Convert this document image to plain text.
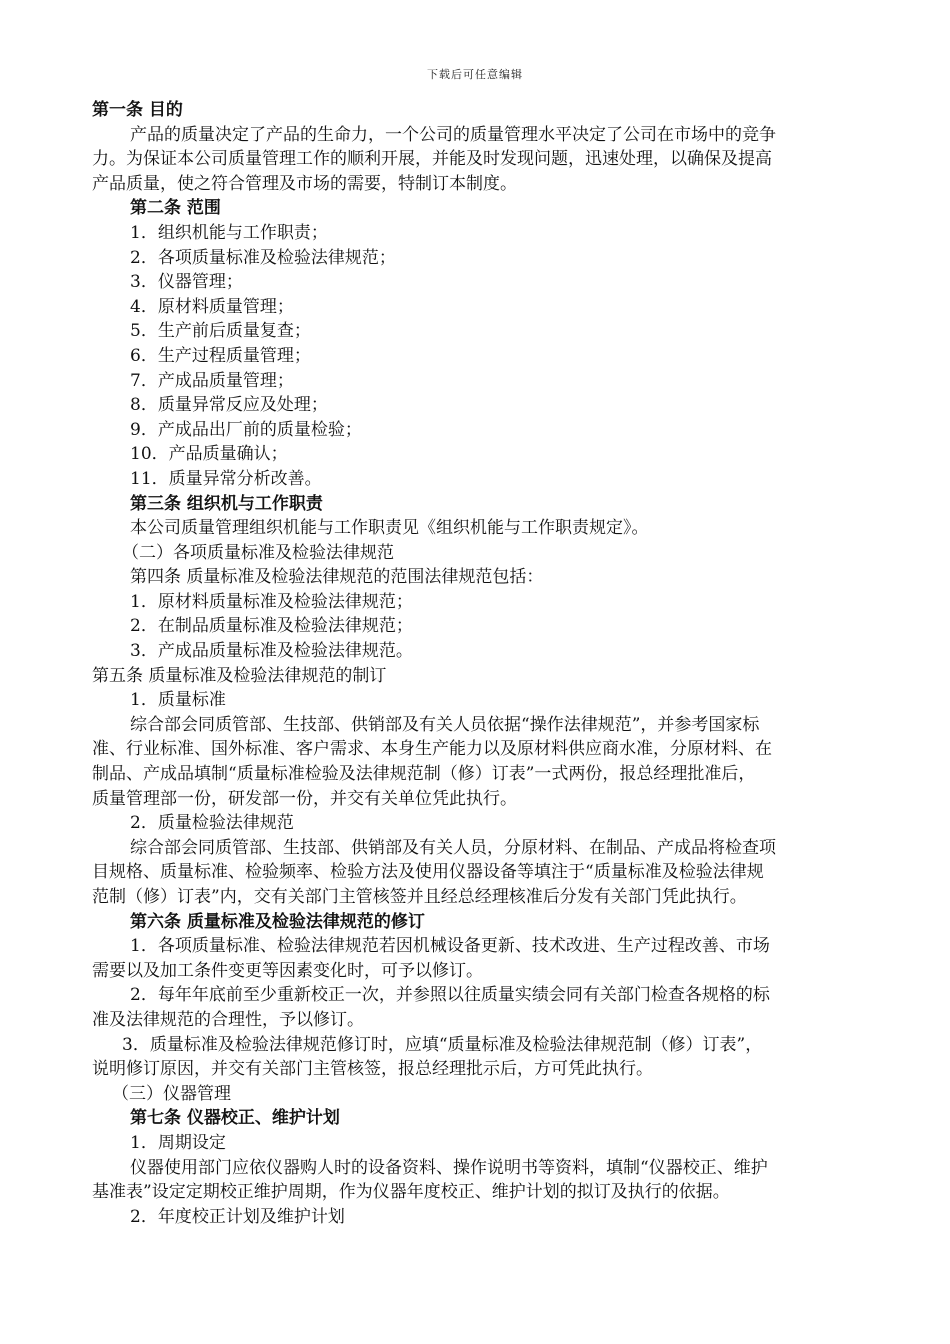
下载后可任意编辑
第一条 目的
产品的质量决定了产品的生命力，一个公司的质量管理水平决定了公司在市场中的竞争
力。为保证本公司质量管理工作的顺利开展，并能及时发现问题，迅速处理，以确保及提高
产品质量，使之符合管理及市场的需要，特制订本制度。
第二条 范围
1．组织机能与工作职责；
2．各项质量标准及检验法律规范；
3．仪器管理；
4．原材料质量管理；
5．生产前后质量复查；
6．生产过程质量管理；
7．产成品质量管理；
8．质量异常反应及处理；
9．产成品出厂前的质量检验；
10．产品质量确认；
11．质量异常分析改善。
第三条 组织机与工作职责
本公司质量管理组织机能与工作职责见《组织机能与工作职责规定》。
（二）各项质量标准及检验法律规范
第四条 质量标准及检验法律规范的范围法律规范包括：
1．原材料质量标准及检验法律规范；
2．在制品质量标准及检验法律规范；
3．产成品质量标准及检验法律规范。
第五条 质量标准及检验法律规范的制订
1．质量标准
综合部会同质管部、生技部、供销部及有关人员依据“操作法律规范”，并参考国家标
准、行业标准、国外标准、客户需求、本身生产能力以及原材料供应商水准，分原材料、在
制品、产成品填制“质量标准检验及法律规范制（修）订表”一式两份，报总经理批准后，
质量管理部一份，研发部一份，并交有关单位凭此执行。
2．质量检验法律规范
综合部会同质管部、生技部、供销部及有关人员，分原材料、在制品、产成品将检查项
目规格、质量标准、检验频率、检验方法及使用仪器设备等填注于“质量标准及检验法律规
范制（修）订表”内，交有关部门主管核签并且经总经理核准后分发有关部门凭此执行。
第六条 质量标准及检验法律规范的修订
1．各项质量标准、检验法律规范若因机械设备更新、技术改进、生产过程改善、市场
需要以及加工条件变更等因素变化时，可予以修订。
2．每年年底前至少重新校正一次，并参照以往质量实绩会同有关部门检查各规格的标
准及法律规范的合理性，予以修订。
3．质量标准及检验法律规范修订时，应填“质量标准及检验法律规范制（修）订表”，
说明修订原因，并交有关部门主管核签，报总经理批示后，方可凭此执行。
（三）仪器管理
第七条 仪器校正、维护计划
1．周期设定
仪器使用部门应依仪器购人时的设备资料、操作说明书等资料，填制“仪器校正、维护
基准表”设定定期校正维护周期，作为仪器年度校正、维护计划的拟订及执行的依据。
2．年度校正计划及维护计划
